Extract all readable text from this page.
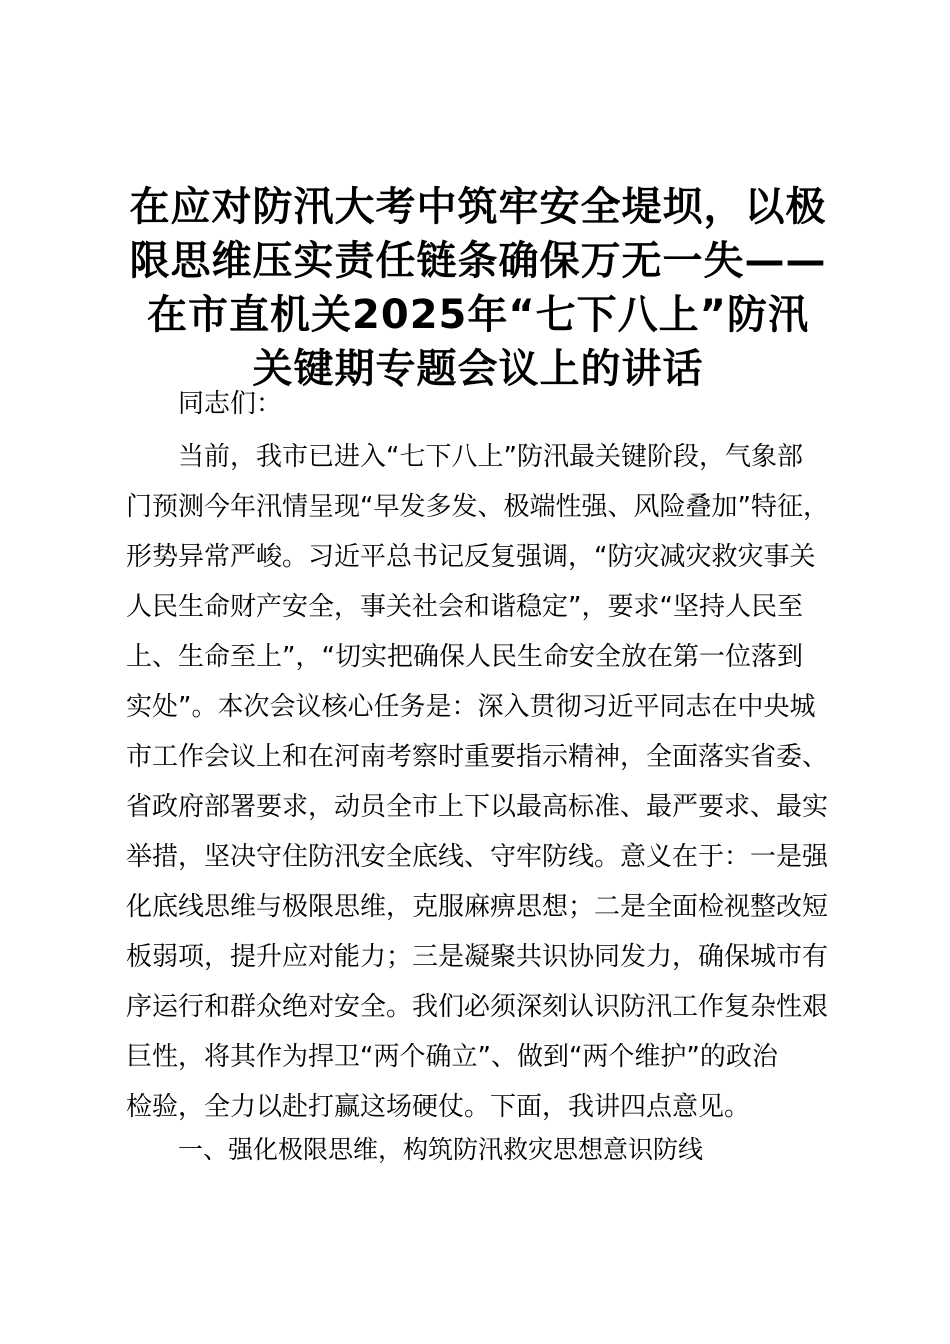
在应对防汛大考中筑牢安全堤坝，以极
限思维压实责任链条确保万无一失——
在市直机关2025年“七下八上”防汛
关键期专题会议上的讲话

同志们：

　　当前，我市已进入“七下八上”防汛最关键阶段，气象部
门预测今年汛情呈现“早发多发、极端性强、风险叠加”特征，
形势异常严峻。习近平总书记反复强调，“防灾减灾救灾事关
人民生命财产安全，事关社会和谐稳定”，要求“坚持人民至
上、生命至上”，“切实把确保人民生命安全放在第一位落到
实处”。本次会议核心任务是：深入贯彻习近平同志在中央城
市工作会议上和在河南考察时重要指示精神，全面落实省委、
省政府部署要求，动员全市上下以最高标准、最严要求、最实
举措，坚决守住防汛安全底线、守牢防线。意义在于：一是强
化底线思维与极限思维，克服麻痹思想；二是全面检视整改短
板弱项，提升应对能力；三是凝聚共识协同发力，确保城市有
序运行和群众绝对安全。我们必须深刻认识防汛工作复杂性艰
巨性，将其作为捍卫“两个确立”、做到“两个维护”的政治
检验，全力以赴打赢这场硬仗。下面，我讲四点意见。

一、强化极限思维，构筑防汛救灾思想意识防线
